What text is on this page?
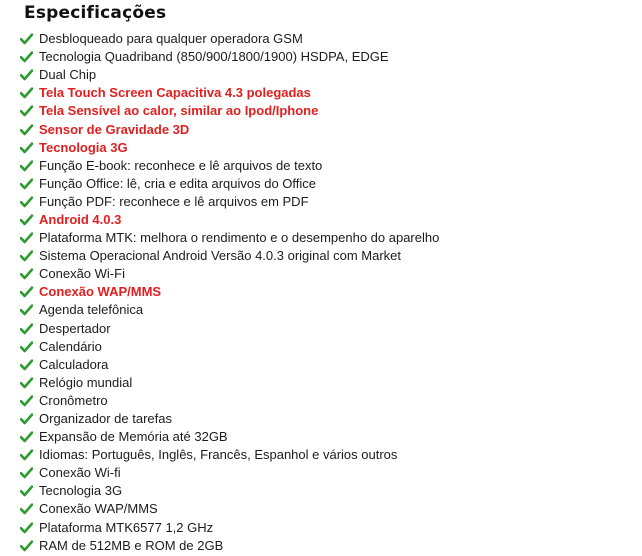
Especificações
Desbloqueado para qualquer operadora GSM
Tecnologia Quadriband (850/900/1800/1900) HSDPA, EDGE
Dual Chip
Tela Touch Screen Capacitiva 4.3 polegadas
Tela Sensível ao calor, similar ao Ipod/Iphone
Sensor de Gravidade 3D
Tecnologia 3G
Função E-book: reconhece e lê arquivos de texto
Função Office: lê, cria e edita arquivos do Office
Função PDF: reconhece e lê arquivos em PDF
Android 4.0.3
Plataforma MTK: melhora o rendimento e o desempenho do aparelho
Sistema Operacional Android Versão 4.0.3 original com Market
Conexão Wi-Fi
Conexão WAP/MMS
Agenda telefônica
Despertador
Calendário
Calculadora
Relógio mundial
Cronômetro
Organizador de tarefas
Expansão de Memória até 32GB
Idiomas: Português, Inglês, Francês, Espanhol e vários outros
Conexão Wi-fi
Tecnologia 3G
Conexão WAP/MMS
Plataforma MTK6577 1,2 GHz
RAM de 512MB e ROM de 2GB
